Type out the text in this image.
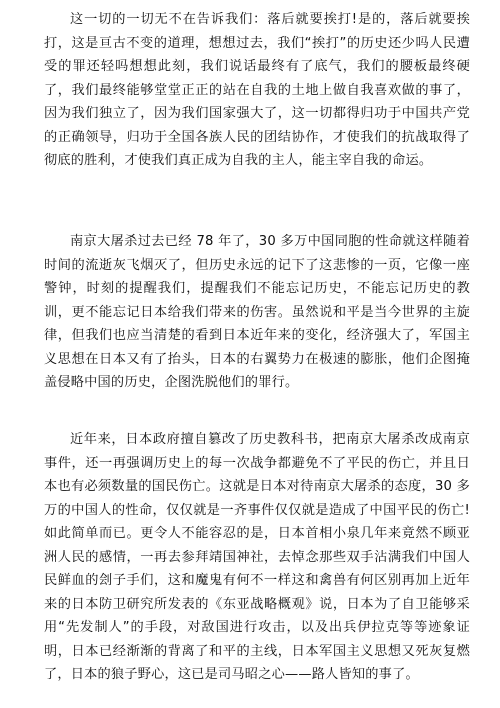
这一切的一切无不在告诉我们：落后就要挨打!是的，落后就要挨打，这是亘古不变的道理，想想过去，我们“挨打”的历史还少吗人民遭受的罪还轻吗想想此刻，我们说话最终有了底气，我们的腰板最终硬了，我们最终能够堂堂正正的站在自我的土地上做自我喜欢做的事了，因为我们独立了，因为我们国家强大了，这一切都得归功于中国共产党的正确领导，归功于全国各族人民的团结协作，才使我们的抗战取得了彻底的胜利，才使我们真正成为自我的主人，能主宰自我的命运。

南京大屠杀过去已经 78 年了，30 多万中国同胞的性命就这样随着时间的流逝灰飞烟灭了，但历史永远的记下了这悲惨的一页，它像一座警钟，时刻的提醒我们，提醒我们不能忘记历史，不能忘记历史的教训，更不能忘记日本给我们带来的伤害。虽然说和平是当今世界的主旋律，但我们也应当清楚的看到日本近年来的变化，经济强大了，军国主义思想在日本又有了抬头，日本的右翼势力在极速的膨胀，他们企图掩盖侵略中国的历史，企图洗脱他们的罪行。

近年来，日本政府擅自篡改了历史教科书，把南京大屠杀改成南京事件，还一再强调历史上的每一次战争都避免不了平民的伤亡，并且日本也有必须数量的国民伤亡。这就是日本对待南京大屠杀的态度，30 多万的中国人的性命，仅仅就是一齐事件仅仅就是造成了中国平民的伤亡!如此简单而已。更令人不能容忍的是，日本首相小泉几年来竟然不顾亚洲人民的感情，一再去参拜靖国神社，去悼念那些双手沾满我们中国人民鲜血的刽子手们，这和魔鬼有何不一样这和禽兽有何区别再加上近年来的日本防卫研究所发表的《东亚战略概观》说，日本为了自卫能够采用“先发制人”的手段，对敌国进行攻击，以及出兵伊拉克等等迹象证明，日本已经渐渐的背离了和平的主线，日本军国主义思想又死灰复燃了，日本的狼子野心，这已是司马昭之心——路人皆知的事了。
